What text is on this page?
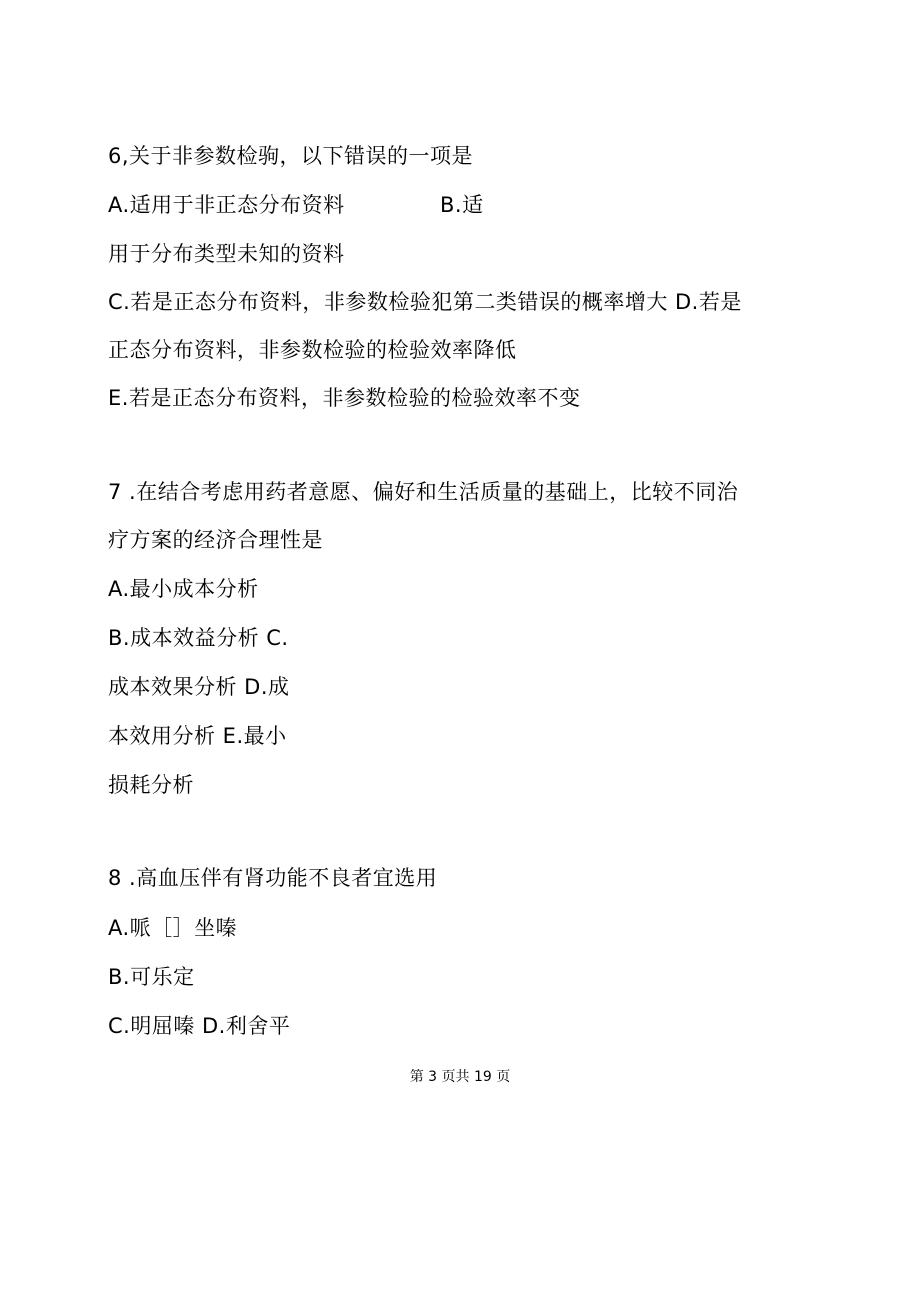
6,关于非参数检驹，以下错误的一项是
A.适用于非正态分布资料	B.适
用于分布类型未知的资料
C.若是正态分布资料，非参数检验犯第二类错误的概率增大 D.若是
正态分布资料，非参数检验的检验效率降低
E.若是正态分布资料，非参数检验的检验效率不变
7 .在结合考虑用药者意愿、偏好和生活质量的基础上，比较不同治
疗方案的经济合理性是
A.最小成本分析
B.成本效益分析 C.
成本效果分析 D.成
本效用分析 E.最小
损耗分析
8 .高血压伴有肾功能不良者宜选用
A.哌［］坐嗪
B.可乐定
C.明屈嗪 D.利舍平
第 3 页共 19 页
